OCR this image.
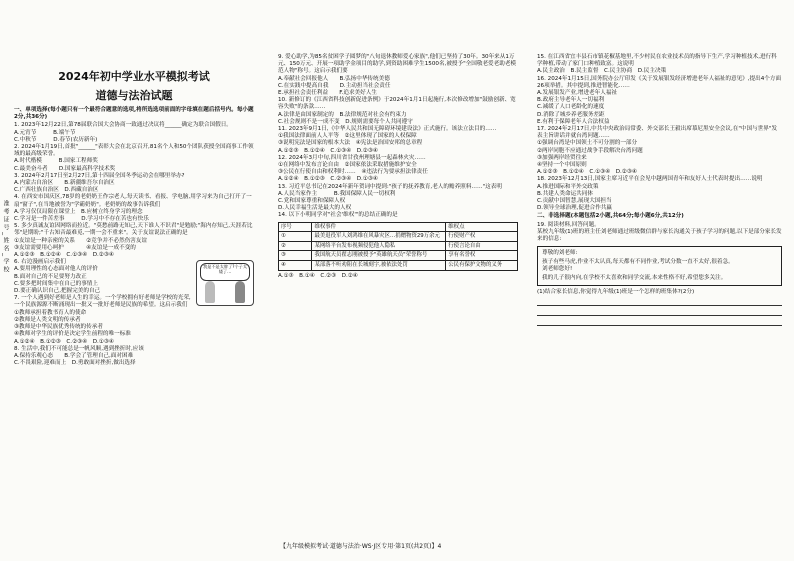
准考证号_姓名_学校
2024年初中学业水平模拟考试
道德与法治试题
一、单项选择(每小题只有一个最符合题意的选项,将所选选项前面的字母填在题后括号内。每小题2分,共36分)
1. 2023年12月22日,第78届联合国大会协商一致通过决议将______确定为联合国假日。
A.元宵节　　　B.端午节
C.中秋节　　　D.春节(农历新年)
2. 2024年1月19日,首批"______"表彰大会在北京召开,81名个人和50个团队获授全国商事工作领域的最高级荣誉。
A.时代楷模　　　B.国家工程师奖
C.最美奋斗者　　D.国家最高科学技术奖
3. 2024年2月17日至2月27日,第十四届全国冬季运动会在哪里举办?
A.内蒙古自治区　　B.新疆维吾尔自治区
C.广西壮族自治区　D.西藏自治区
4. 在西安市国庆区,78岁的老奶奶王作宗老人,每天读书、看报、学电脑,用学习来为自己打开了一扇"窗子",在当地被誉为"学霸奶奶"。老奶奶的故事告诉我们
A.学习仅仅局限在课堂上　B.应树立终身学习的理念
C.学习是一件苦差事　　　D.学习中不存在苦也有快乐
5. 多少真诚友谊因网络而拉近。"莫愁前路无知己,天下谁人不识君"是勉励;"海内存知己,天涯若比邻"是期盼;"千古知音最难觅,一期一会不重来"。关于友谊说法正确的是
①友谊是一种亲密的关系　　②竞争并不必然伤害友谊
③友谊需要用心呵护　　　　④友谊是一成不变的
A.①②③　B.①②④　C.①③④　D.②③④
我是不是太胖了?个子太矮了…
6. 右边漫画启示我们
A.要用理性的心态面对他人的评价
B.面对自己的不足要努力改正
C.要多把时间集中在自己的事情上
D.要正确认识自己,把握完美的自己
7. 一个人遇到好老师是人生的幸运。一个学校拥有好老师是学校的光荣,一个民族源源不断涌现出一批又一批好老师是民族的希望。这启示我们
①教师承担着教书育人的使命
②教师是人类文明的传承者
③教师是中华民族优秀传统的传承者
④教师对学生的评价是决定学生前程的唯一标准
A.①②④　B.①②③　C.②③④　D.①③④
8. 生活中,我们不可能总是一帆风顺,遇到挫折时,应该
A.保持乐观心态　　B.学会了管理自己,面对困难
C.不畏艰险,迎难而上　D.勇敢面对挫折,做出选择
9. 爱心助学,为85名贫困学子圆梦的"八旬退休教师爱心家族",他们已坚持了30年。30年来从1万元、150万元、开展一项助学金项目的助学,到资助困难学生1500名,被授予"全国敬老爱老助老模范人物"称号。这启示我们要
A.奉献社会回报他人　　B.弘扬中华传统美德
C.在实践中提高自我　　D.主动担当社会责任
E.承担社会责任利益　　F.追求美好人生
10. 新修订的《江西省科技创新促进条例》于2024年1月1日起施行,本次修改增加"鼓励创新、宽容失败"的条款……
A.法律是由国家制定的　B.法律规范对社会有约束力
C.社会规则不是一成不变　D.规则需要每个人共同遵守
11. 2023年9月1日,《中华人民共和国无障碍环境建设法》正式施行。该法立法目的……
①我国法律面前人人平等　②这里体现了国家的人权保障
③说明宪法是国家的根本大法　④宪法是治国安邦的总章程
A.①②③　B.①②④　C.①③④　D.②③④
12. 2024年3月中旬,四川省甘孜州理塘县一起森林火灾……
①在网络中发布言论自由　②国家依法采取措施维护安全
③公民在行使自由和权利时……　④违法行为要承担法律责任
A.①②④　B.①②③　C.②③④　D.①③④
13. 习近平总书记在2024年新年贺词中提到:"孩子的抚养教育,老人的赡养照料……"这表明
A.人民当家作主　　　B.我国保障人民一切权利
C.党和国家尊重和保障人权
D.人民幸福生活是最大的人权
14. 以下小明同学对"社会'维权'"的总结正确的是
序号	维权事件	维权点
①	最美退役军人刘鸿维在风暴灾区…捐赠物资29万余元	行使财产权
②	某网络平台发布视频侵犯他人隐私	行使言论自由
③	我国航天员翟志刚被授予"英雄航天员"荣誉称号	享有名誉权
④	某部落不听劝阻在长城刻字,被依法处罚	公民有保护文物的义务
A.①③　B.①④　C.②③　D.②④
15. 在江西省宜丰县石市镇花椒基地里,不少村民在农业技术员的指导下生产,学习种植技术,进行科学种植,带动了家门口种植致富。这说明
A.民主政治　B.民主监督　C.民主协商　D.民主决策
16. 2024年1月15日,国务院办公厅印发《关于发展银发经济增进老年人福祉的意见》,提出4个方面26项举措。其中提到,推进智能化……
A.发展银发产业,增进老年人福祉
B.政府主导老年人一切福利
C.减缓了人口老龄化的速度
D.消除了城乡养老服务差距
E.有利于保障老年人合法权益
17. 2024年2月17日,中共中央政治局常委、外交部长王毅出席慕尼黑安全会议,在"中国与世界"发表主旨讲话并就台湾问题……
①强调台湾是中国领土不可分割的一部分
②两岸同胞不应通过战争手段解决台湾问题
③加强两岸经贸往来
④坚持一个中国原则
A.①②③　B.①②④　C.①③④　D.②③④
18. 2023年12月13日,国家主席习近平在会见中越两国青年和友好人士代表时提出……说明
A.推进国际和平外交政策
B.共建人类命运共同体
C.贡献中国智慧,展现大国担当
D.领导全球治理,促进合作共赢
二、非选择题(本题包括2小题,共64分;每小题6分,共12分)
19. 阅读材料,回答问题。
某校九年级(1)班的班主任刘老师通过班级微信群与家长沟通关于孩子学习的问题,以下是部分家长发来的信息:
尊敬的刘老师:
孩子有些马虎,作业不太认真,每天都有不同作业,考试分数一直不太好,很着急。
刘老师您好!
我的儿子很内向,在学校不太喜欢和同学交流,本来性格不好,希望您多关注。
(1)结合家长信息,你觉得九年级(1)班是一个怎样的班集体?(2分)
【九年级模拟考试·道德与法治·WS·J区专用·第1页(共2页)】4
